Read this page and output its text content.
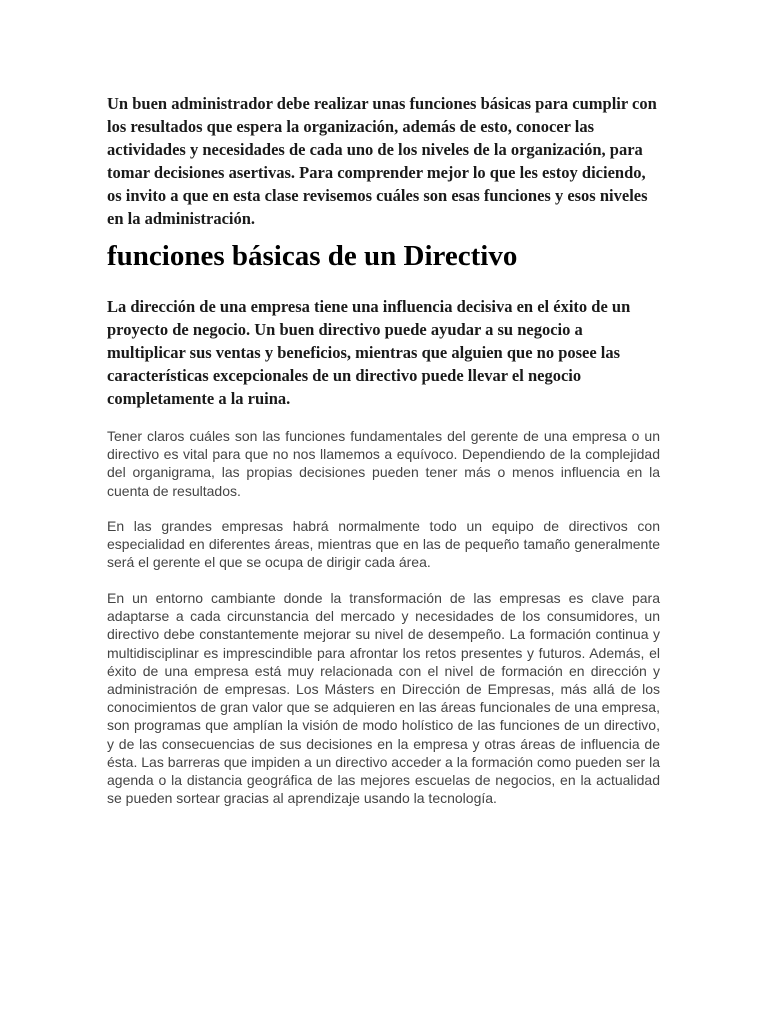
Un buen administrador debe realizar unas funciones básicas para cumplir con los resultados que espera la organización, además de esto, conocer las actividades y necesidades de cada uno de los niveles de la organización, para tomar decisiones asertivas. Para comprender mejor lo que les estoy diciendo, os invito a que en esta clase revisemos cuáles son esas funciones y esos niveles en la administración.

funciones básicas de un Directivo

La dirección de una empresa tiene una influencia decisiva en el éxito de un proyecto de negocio. Un buen directivo puede ayudar a su negocio a multiplicar sus ventas y beneficios, mientras que alguien que no posee las características excepcionales de un directivo puede llevar el negocio completamente a la ruina.

Tener claros cuáles son las funciones fundamentales del gerente de una empresa o un directivo es vital para que no nos llamemos a equívoco. Dependiendo de la complejidad del organigrama, las propias decisiones pueden tener más o menos influencia en la cuenta de resultados.

En las grandes empresas habrá normalmente todo un equipo de directivos con especialidad en diferentes áreas, mientras que en las de pequeño tamaño generalmente será el gerente el que se ocupa de dirigir cada área.

En un entorno cambiante donde la transformación de las empresas es clave para adaptarse a cada circunstancia del mercado y necesidades de los consumidores, un directivo debe constantemente mejorar su nivel de desempeño. La formación continua y multidisciplinar es imprescindible para afrontar los retos presentes y futuros. Además, el éxito de una empresa está muy relacionada con el nivel de formación en dirección y administración de empresas. Los Másters en Dirección de Empresas, más allá de los conocimientos de gran valor que se adquieren en las áreas funcionales de una empresa, son programas que amplían la visión de modo holístico de las funciones de un directivo, y de las consecuencias de sus decisiones en la empresa y otras áreas de influencia de ésta. Las barreras que impiden a un directivo acceder a la formación como pueden ser la agenda o la distancia geográfica de las mejores escuelas de negocios, en la actualidad se pueden sortear gracias al aprendizaje usando la tecnología.
